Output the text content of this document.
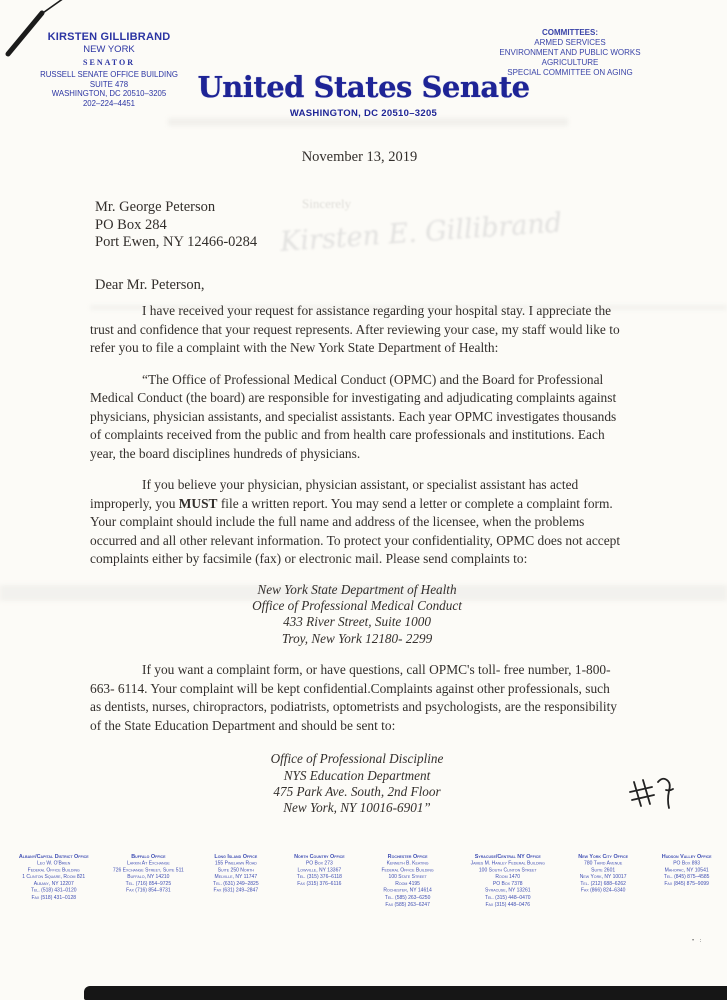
KIRSTEN GILLIBRAND
NEW YORK
SENATOR
RUSSELL SENATE OFFICE BUILDING
SUITE 478
WASHINGTON, DC 20510–3205
202–224–4451	United States Senate
WASHINGTON, DC 20510–3205
COMMITTEES:
ARMED SERVICES
ENVIRONMENT AND PUBLIC WORKS
AGRICULTURE
SPECIAL COMMITTEE ON AGING
November 13, 2019
Sincerely
Kirsten E. Gillibrand
Mr. George Peterson
PO Box 284
Port Ewen, NY 12466-0284
Dear Mr. Peterson,

I have received your request for assistance regarding your hospital stay. I appreciate the trust and confidence that your request represents. After reviewing your case, my staff would like to refer you to file a complaint with the New York State Department of Health:

“The Office of Professional Medical Conduct (OPMC) and the Board for Professional Medical Conduct (the board) are responsible for investigating and adjudicating complaints against physicians, physician assistants, and specialist assistants. Each year OPMC investigates thousands of complaints received from the public and from health care professionals and institutions. Each year, the board disciplines hundreds of physicians.

If you believe your physician, physician assistant, or specialist assistant has acted improperly, you MUST file a written report. You may send a letter or complete a complaint form. Your complaint should include the full name and address of the licensee, when the problems occurred and all other relevant information. To protect your confidentiality, OPMC does not accept complaints either by facsimile (fax) or electronic mail. Please send complaints to:

New York State Department of Health
Office of Professional Medical Conduct
433 River Street, Suite 1000
Troy, New York 12180- 2299

If you want a complaint form, or have questions, call OPMC's toll- free number, 1-800- 663- 6114. Your complaint will be kept confidential.Complaints against other professionals, such as dentists, nurses, chiropractors, podiatrists, optometrists and psychologists, are the responsibility of the State Education Department and should be sent to:

Office of Professional Discipline
NYS Education Department
475 Park Ave. South, 2nd Floor
New York, NY 10016-6901”
Albany/Capital District Office
Leo W. O'Brien
Federal Office Building
1 Clinton Square, Room 821
Albany, NY 12207
Tel. (518) 431–0120
Fax (518) 431–0128
Buffalo Office
Larkin At Exchange
726 Exchange Street, Suite 511
Buffalo, NY 14210
Tel. (716) 854–9725
Fax (716) 854–9731
Long Island Office
155 Pinelawn Road
Suite 250 North
Melville, NY 11747
Tel. (631) 249–2825
Fax (631) 249–2847
North Country Office
PO Box 273
Lowville, NY 13367
Tel. (315) 376–6118
Fax (315) 376–6116
Rochester Office
Kenneth B. Keating
Federal Office Building
100 State Street
Room 4195
Rochester, NY 14614
Tel. (585) 263–6250
Fax (585) 263–6247
Syracuse/Central NY Office
James M. Hanley Federal Building
100 South Clinton Street
Room 1470
PO Box 7378
Syracuse, NY 13261
Tel. (315) 448–0470
Fax (315) 448–0476
New York City Office
780 Third Avenue
Suite 2601
New York, NY 10017
Tel. (212) 688–6262
Fax (866) 824–6340
Hudson Valley Office
PO Box 893
Mahopac, NY 10541
Tel. (845) 875–4585
Fax (845) 875–9099
• :
